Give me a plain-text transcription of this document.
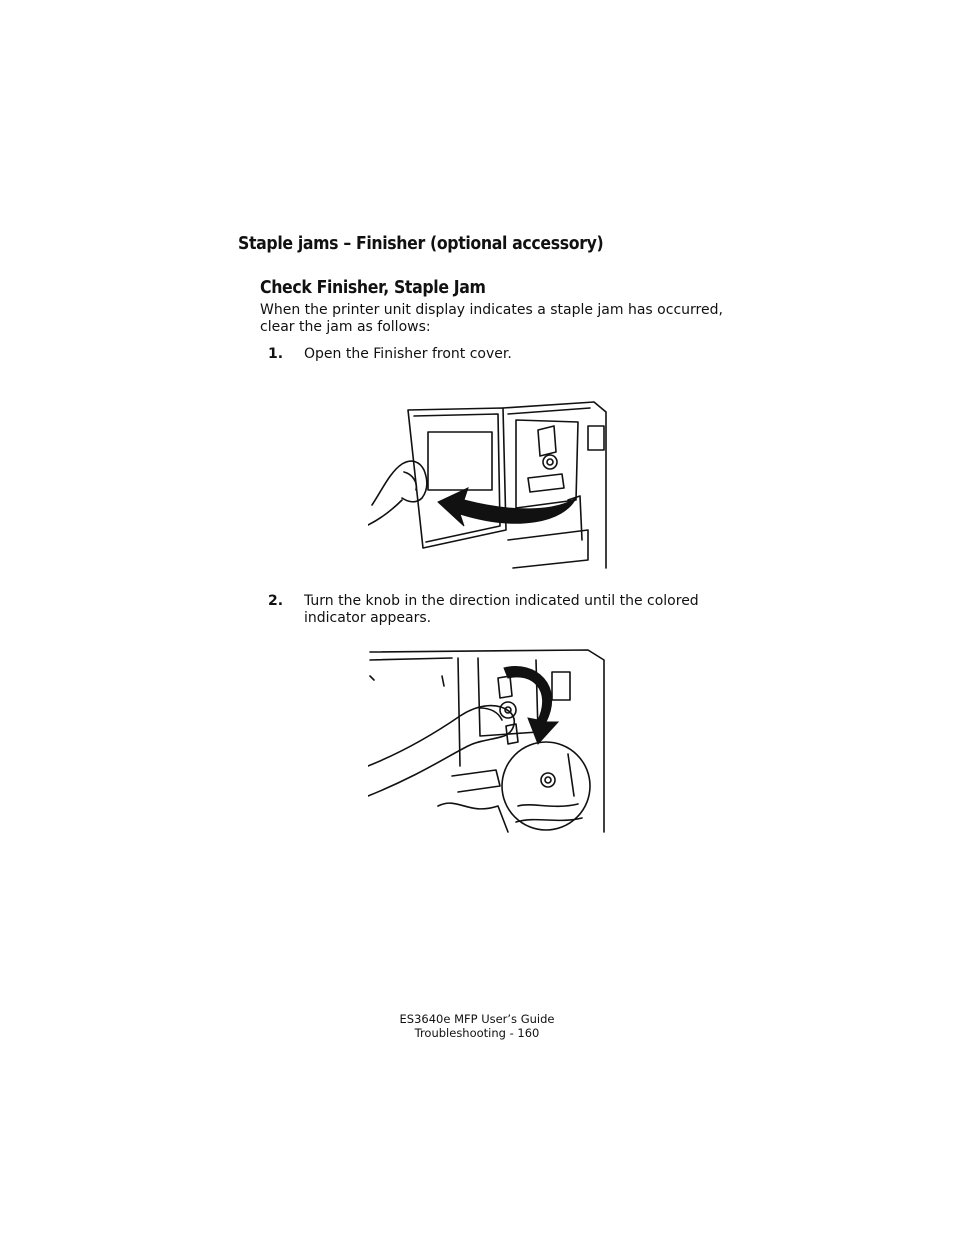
Staple jams – Finisher (optional accessory)
Check Finisher, Staple Jam

When the printer unit display indicates a staple jam has occurred, clear the jam as follows:

1. Open the Finisher front cover.
2. Turn the knob in the direction indicated until the colored indicator appears.
ES3640e MFP User’s Guide
Troubleshooting - 160
